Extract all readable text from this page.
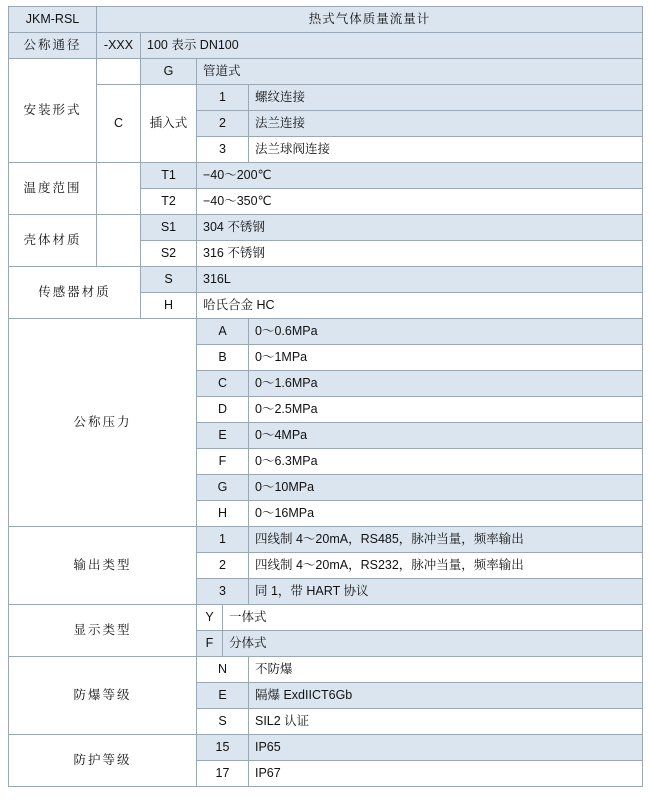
JKM-RSL	热式气体质量流量计				
公称通径	-XXX	100 表示 DN100			
安装形式		G	管道式		
	C	插入式	1		螺纹连接
			2		法兰连接
			3		法兰球阀连接
温度范围		T1	−40～200℃		
		T2	−40～350℃		
壳体材质		S1	304 不锈钢		
		S2	316 不锈钢		
传感器材质		S	316L		
		H	哈氏合金 HC		
公称压力			A		0～0.6MPa
			B		0～1MPa
			C		0～1.6MPa
			D		0～2.5MPa
			E		0～4MPa
			F		0～6.3MPa
			G		0～10MPa
			H		0～16MPa
输出类型			1		四线制 4～20mA，RS485，脉冲当量，频率输出
			2		四线制 4～20mA，RS232，脉冲当量，频率输出
			3		同 1，带 HART 协议
显示类型			Y	一体式	
			F	分体式	
防爆等级			N		不防爆
			E		隔爆 ExdIICT6Gb
			S		SIL2 认证
防护等级			15		IP65
			17		IP67
